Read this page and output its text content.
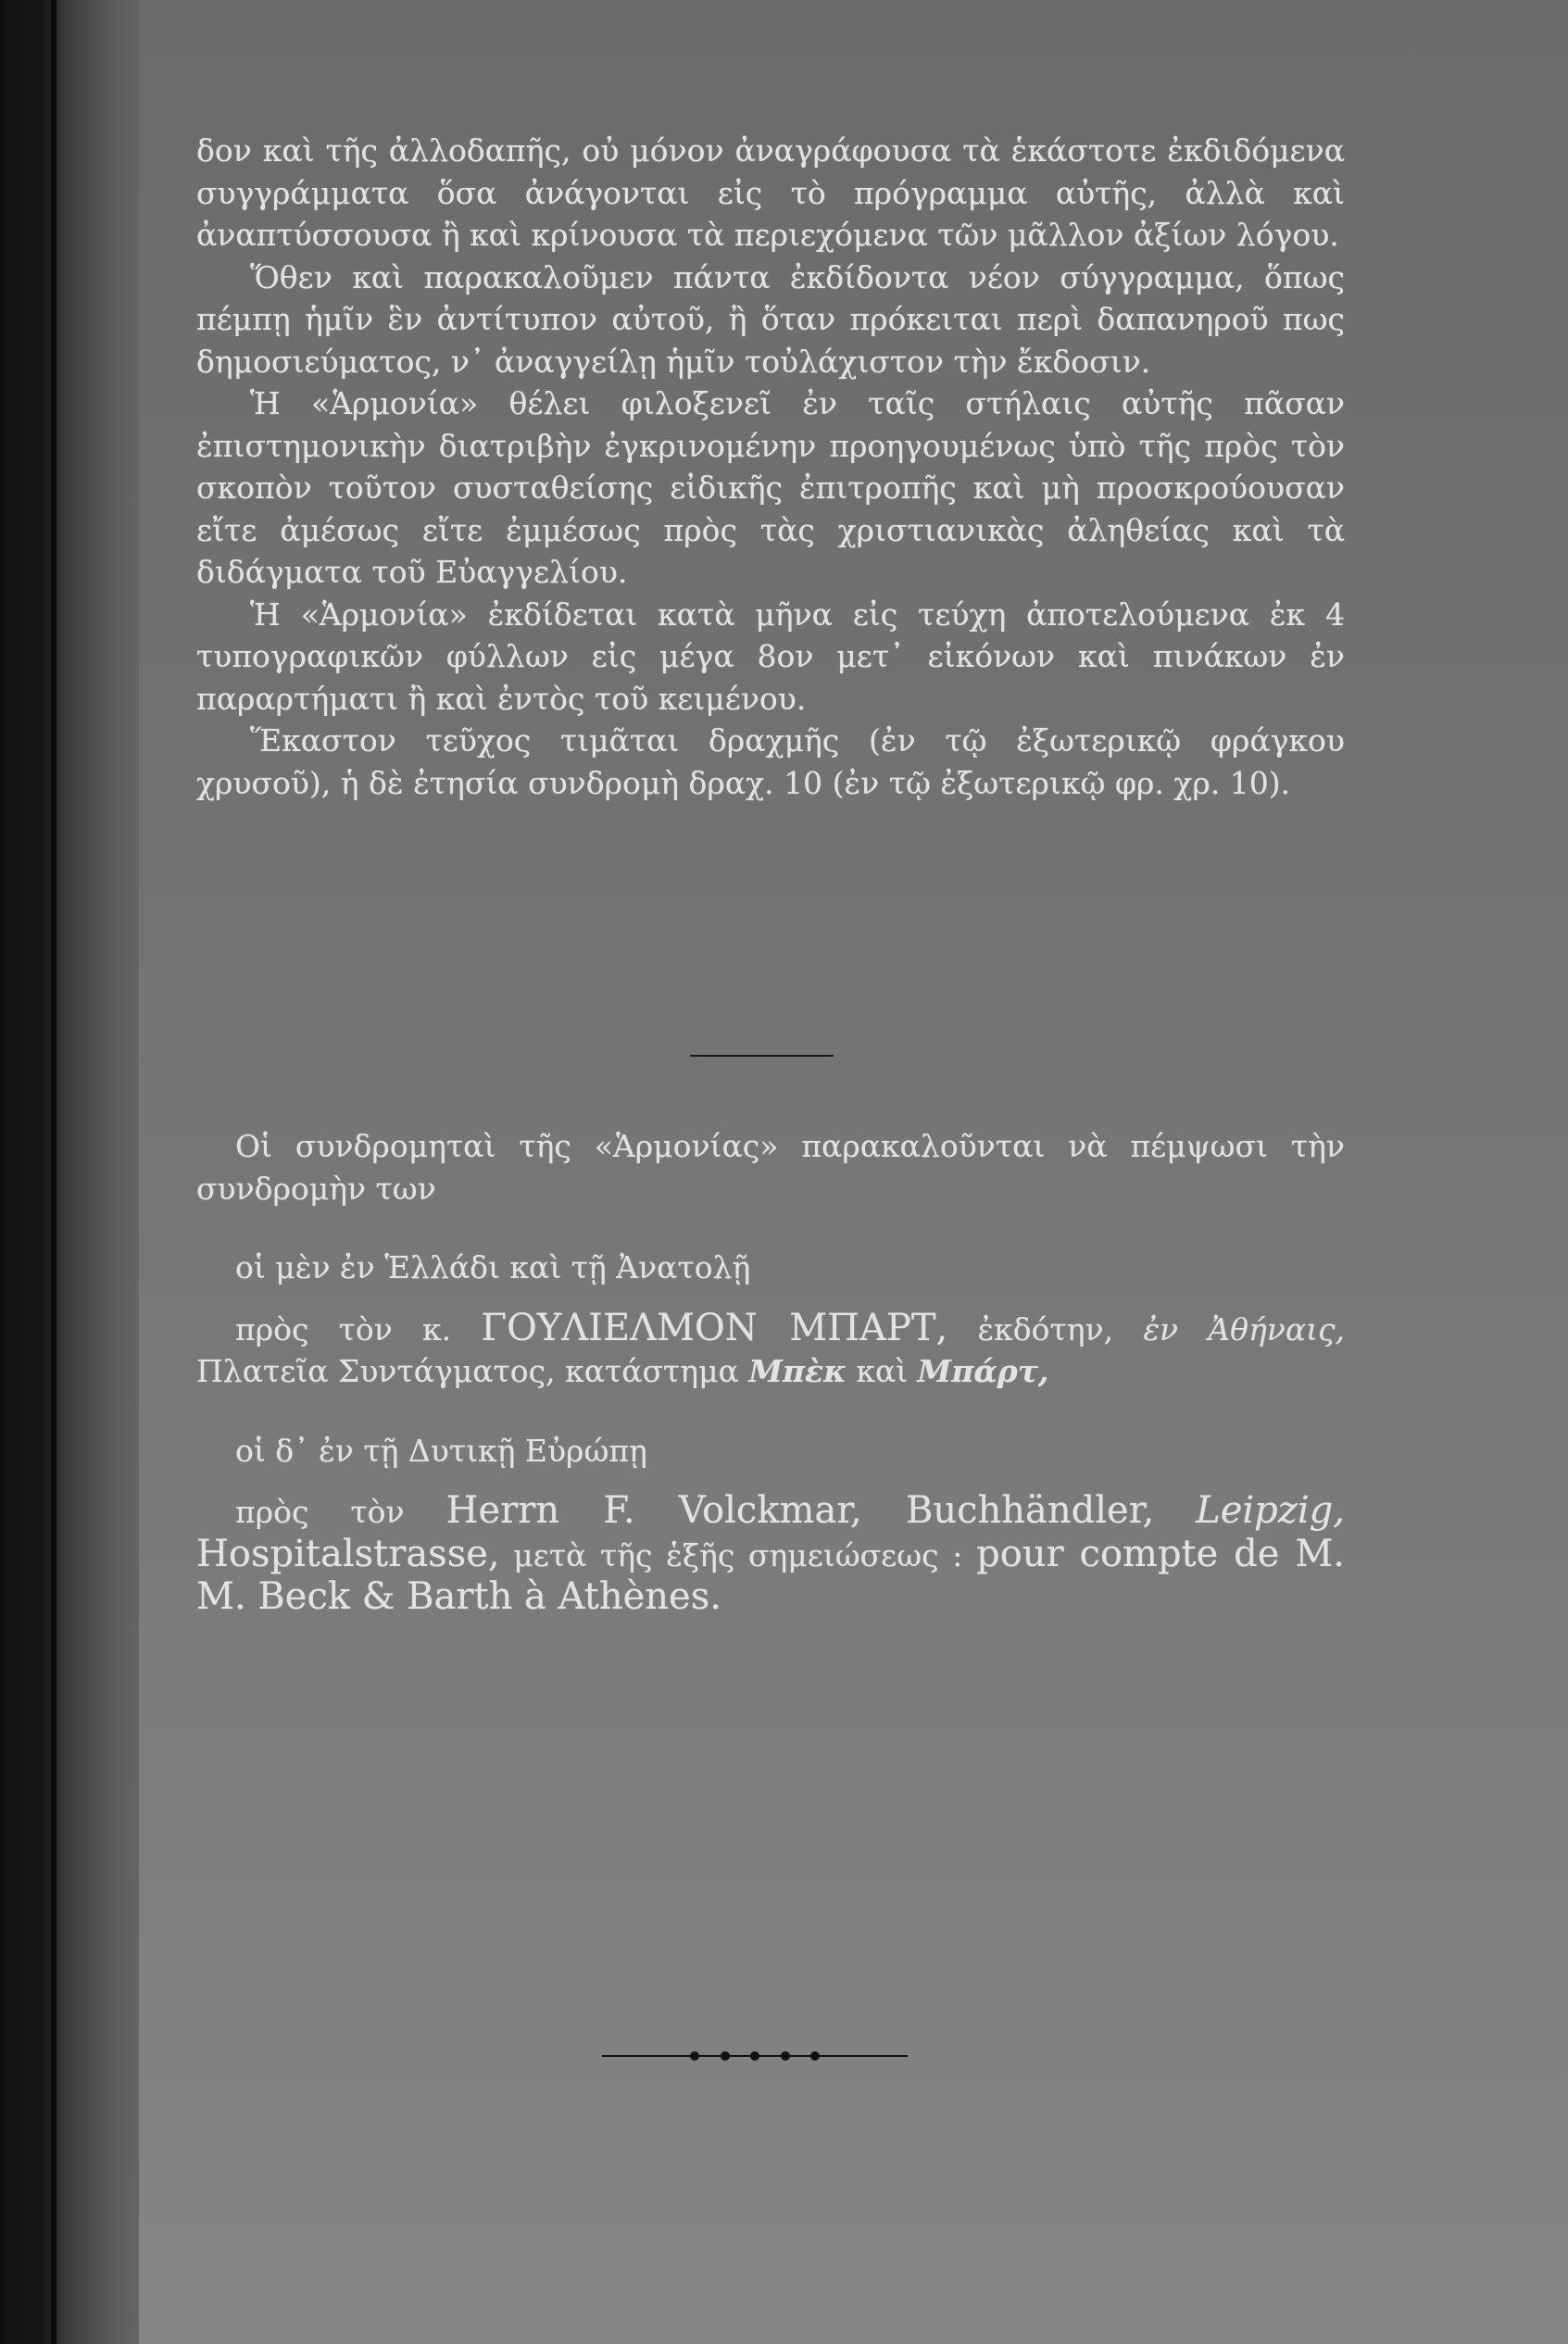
δον καὶ τῆς ἀλλοδαπῆς, οὐ μόνον ἀναγράφουσα τὰ ἑκάστοτε ἐκδιδόμενα συγγράμματα ὅσα ἀνάγονται εἰς τὸ πρόγραμμα αὐτῆς, ἀλλὰ καὶ ἀναπτύσσουσα ἢ καὶ κρίνουσα τὰ περιεχόμενα τῶν μᾶλλον ἀξίων λόγου.

Ὅθεν καὶ παρακαλοῦμεν πάντα ἐκδίδοντα νέον σύγγραμμα, ὅπως πέμπῃ ἡμῖν ἓν ἀντίτυπον αὐτοῦ, ἢ ὅταν πρόκειται περὶ δαπανηροῦ πως δημοσιεύματος, ν᾿ ἀναγγείλῃ ἡμῖν τοὐλάχιστον τὴν ἔκδοσιν.

Ἡ «Ἁρμονία» θέλει φιλοξενεῖ ἐν ταῖς στήλαις αὐτῆς πᾶσαν ἐπιστημονικὴν διατριβὴν ἐγκρινομένην προηγουμένως ὑπὸ τῆς πρὸς τὸν σκοπὸν τοῦτον συσταθείσης εἰδικῆς ἐπιτροπῆς καὶ μὴ προσκρούουσαν εἴτε ἀμέσως εἴτε ἐμμέσως πρὸς τὰς χριστιανικὰς ἀληθείας καὶ τὰ διδάγματα τοῦ Εὐαγγελίου.

Ἡ «Ἁρμονία» ἐκδίδεται κατὰ μῆνα εἰς τεύχη ἀποτελούμενα ἐκ 4 τυπογραφικῶν φύλλων εἰς μέγα 8ον μετ᾿ εἰκόνων καὶ πινάκων ἐν παραρτήματι ἢ καὶ ἐντὸς τοῦ κειμένου.

Ἕκαστον τεῦχος τιμᾶται δραχμῆς (ἐν τῷ ἐξωτερικῷ φράγκου χρυσοῦ), ἡ δὲ ἐτησία συνδρομὴ δραχ. 10 (ἐν τῷ ἐξωτερικῷ φρ. χρ. 10).

Οἱ συνδρομηταὶ τῆς «Ἁρμονίας» παρακαλοῦνται νὰ πέμψωσι τὴν συνδρομὴν των

οἱ μὲν ἐν Ἑλλάδι καὶ τῇ Ἀνατολῇ

πρὸς τὸν κ. ΓΟΥΛΙΕΛΜΟΝ ΜΠΑΡΤ, ἐκδότην, ἐν Ἀθήναις, Πλατεῖα Συντάγματος, κατάστημα Μπὲκ καὶ Μπάρτ,

οἱ δ᾿ ἐν τῇ Δυτικῇ Εὐρώπῃ

πρὸς τὸν Herrn F. Volckmar, Buchhändler, Leipzig, Hospitalstrasse, μετὰ τῆς ἑξῆς σημειώσεως : pour compte de M. M. Beck & Barth à Athènes.
